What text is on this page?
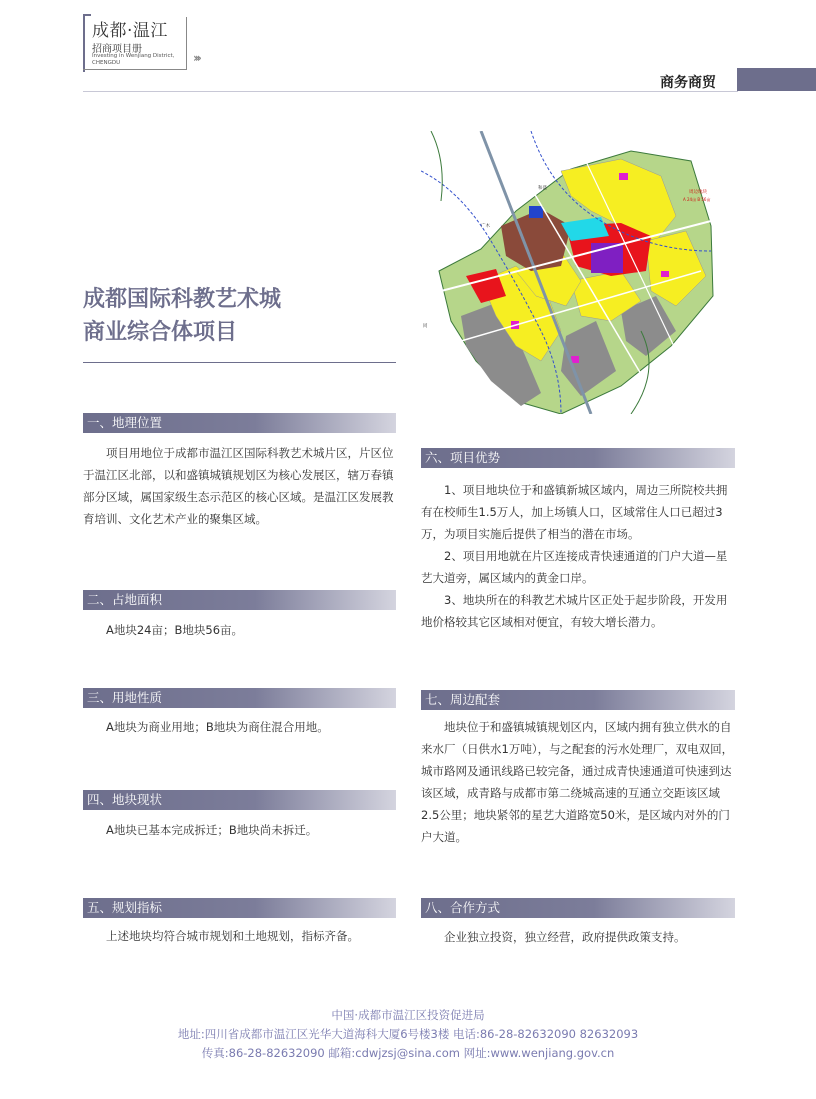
成都·温江
招商项目册
Investing in Wenjiang District,
CHENGDU	›››
商务商贸
周边地块
A 24亩 B 56亩
和盛
广木
同
成都国际科教艺术城
商业综合体项目
一、地理位置
项目用地位于成都市温江区国际科教艺术城片区，片区位于温江区北部，以和盛镇城镇规划区为核心发展区，辖万春镇部分区域，属国家级生态示范区的核心区域。是温江区发展教育培训、文化艺术产业的聚集区域。
二、占地面积
A地块24亩；B地块56亩。
三、用地性质
A地块为商业用地；B地块为商住混合用地。
四、地块现状
A地块已基本完成拆迁；B地块尚未拆迁。
五、规划指标
上述地块均符合城市规划和土地规划，指标齐备。
六、项目优势
1、项目地块位于和盛镇新城区域内，周边三所院校共拥有在校师生1.5万人，加上场镇人口，区域常住人口已超过3万，为项目实施后提供了相当的潜在市场。
2、项目用地就在片区连接成青快速通道的门户大道—星艺大道旁，属区域内的黄金口岸。
3、地块所在的科教艺术城片区正处于起步阶段，开发用地价格较其它区域相对便宜，有较大增长潜力。
七、周边配套
地块位于和盛镇城镇规划区内，区域内拥有独立供水的自来水厂（日供水1万吨），与之配套的污水处理厂，双电双回，城市路网及通讯线路已较完备，通过成青快速通道可快速到达该区域，成青路与成都市第二绕城高速的互通立交距该区域2.5公里；地块紧邻的星艺大道路宽50米，是区域内对外的门户大道。
八、合作方式
企业独立投资，独立经营，政府提供政策支持。
中国·成都市温江区投资促进局
地址:四川省成都市温江区光华大道海科大厦6号楼3楼 电话:86-28-82632090 82632093
传真:86-28-82632090 邮箱:cdwjzsj@sina.com 网址:www.wenjiang.gov.cn
